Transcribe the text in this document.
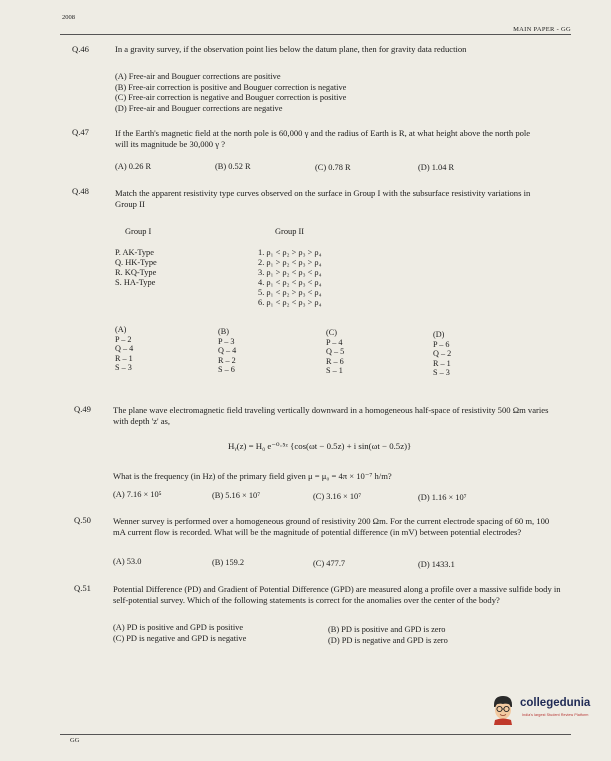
2008
MAIN PAPER - GG
Q.46	In a gravity survey, if the observation point lies below the datum plane, then for gravity data reduction
(A) Free-air and Bouguer corrections are positive
(B) Free-air correction is positive and Bouguer correction is negative
(C) Free-air correction is negative and Bouguer correction is positive
(D) Free-air and Bouguer corrections are negative
Q.47	If the Earth's magnetic field at the north pole is 60,000 γ and the radius of Earth is R, at what height above the north pole will its magnitude be 30,000 γ ?
(A) 0.26 R	(B) 0.52 R	(C) 0.78 R	(D) 1.04 R
Q.48	Match the apparent resistivity type curves observed on the surface in Group I with the subsurface resistivity variations in Group II
Group I	Group II
P. AK-Type
Q. HK-Type
R. KQ-Type
S. HA-Type
1. ρ₁ < ρ₂ > ρ₃ > ρ₄
2. ρ₁ > ρ₂ < ρ₃ > ρ₄
3. ρ₁ > ρ₂ < ρ₃ < ρ₄
4. ρ₁ < ρ₂ < ρ₃ < ρ₄
5. ρ₁ < ρ₂ > ρ₃ < ρ₄
6. ρ₁ < ρ₂ < ρ₃ > ρ₄
(A)
P – 2
Q – 4
R – 1
S – 3
(B)
P – 3
Q – 4
R – 2
S – 6
(C)
P – 4
Q – 5
R – 6
S – 1
(D)
P – 6
Q – 2
R – 1
S – 3
Q.49	The plane wave electromagnetic field traveling vertically downward in a homogeneous half-space of resistivity 500 Ωm varies with depth 'z' as,
Hᵧ(z) = H₀ e⁻⁰·⁵ᶻ {cos(ωt − 0.5z) + i sin(ωt − 0.5z)}
What is the frequency (in Hz) of the primary field given μ = μ₀ = 4π × 10⁻⁷ h/m?
(A) 7.16 × 10⁵	(B) 5.16 × 10⁷	(C) 3.16 × 10⁷	(D) 1.16 × 10⁷
Q.50	Wenner survey is performed over a homogeneous ground of resistivity 200 Ωm. For the current electrode spacing of 60 m, 100 mA current flow is recorded. What will be the magnitude of potential difference (in mV) between potential electrodes?
(A) 53.0	(B) 159.2	(C) 477.7	(D) 1433.1
Q.51	Potential Difference (PD) and Gradient of Potential Difference (GPD) are measured along a profile over a massive sulfide body in self-potential survey. Which of the following statements is correct for the anomalies over the center of the body?
(A) PD is positive and GPD is positive	(B) PD is positive and GPD is zero
(C) PD is negative and GPD is negative	(D) PD is negative and GPD is zero
collegedunia
India's largest Student Review Platform
GG
